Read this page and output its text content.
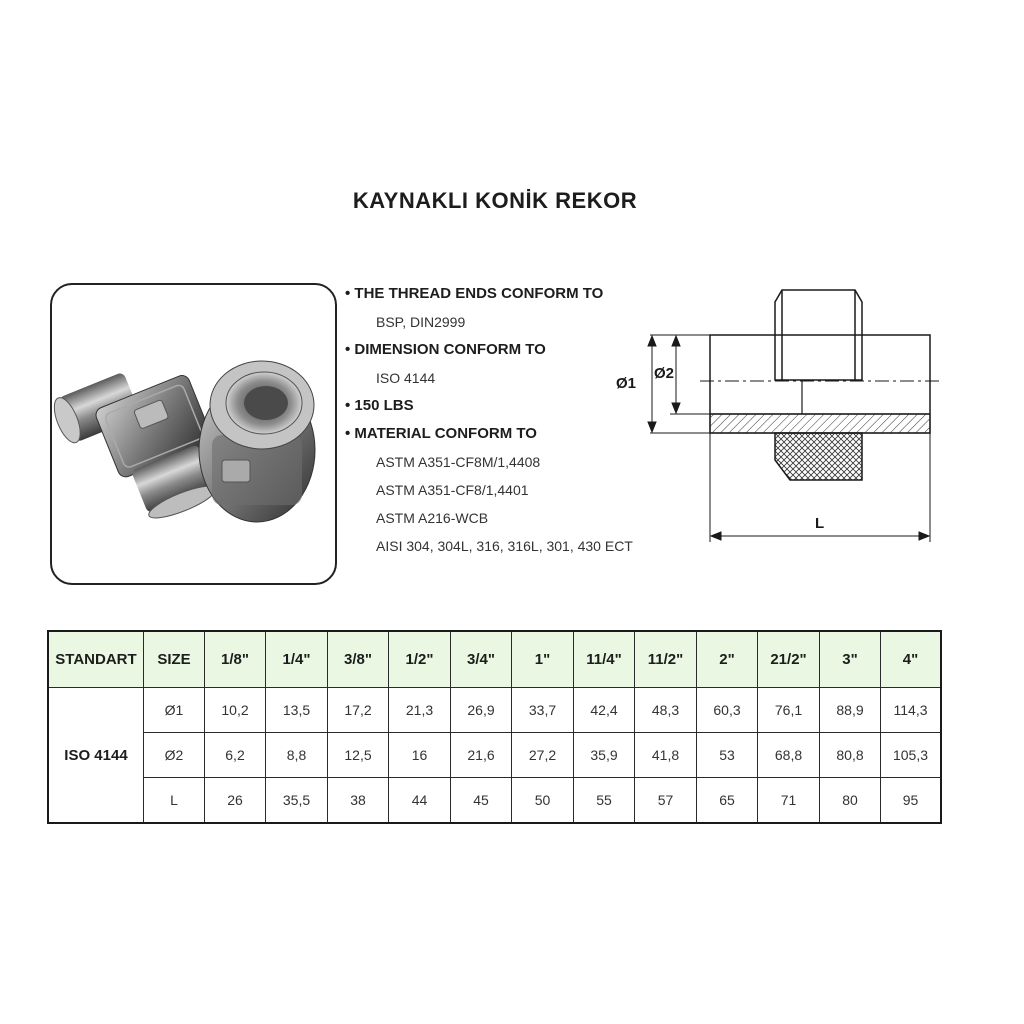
KAYNAKLI KONİK REKOR
• THE THREAD ENDS CONFORM TO
BSP, DIN2999
• DIMENSION CONFORM TO
ISO 4144
• 150 LBS
• MATERIAL CONFORM TO
ASTM A351-CF8M/1,4408
ASTM A351-CF8/1,4401
ASTM A216-WCB
AISI 304, 304L, 316, 316L, 301, 430 ECT
Ø1
Ø2
L
STANDART	SIZE	1/8"	1/4"	3/8"	1/2"	3/4"	1"	11/4"	11/2"	2"	21/2"	3"	4"
ISO 4144	Ø1	10,2	13,5	17,2	21,3	26,9	33,7	42,4	48,3	60,3	76,1	88,9	114,3
	Ø2	6,2	8,8	12,5	16	21,6	27,2	35,9	41,8	53	68,8	80,8	105,3
	L	26	35,5	38	44	45	50	55	57	65	71	80	95
